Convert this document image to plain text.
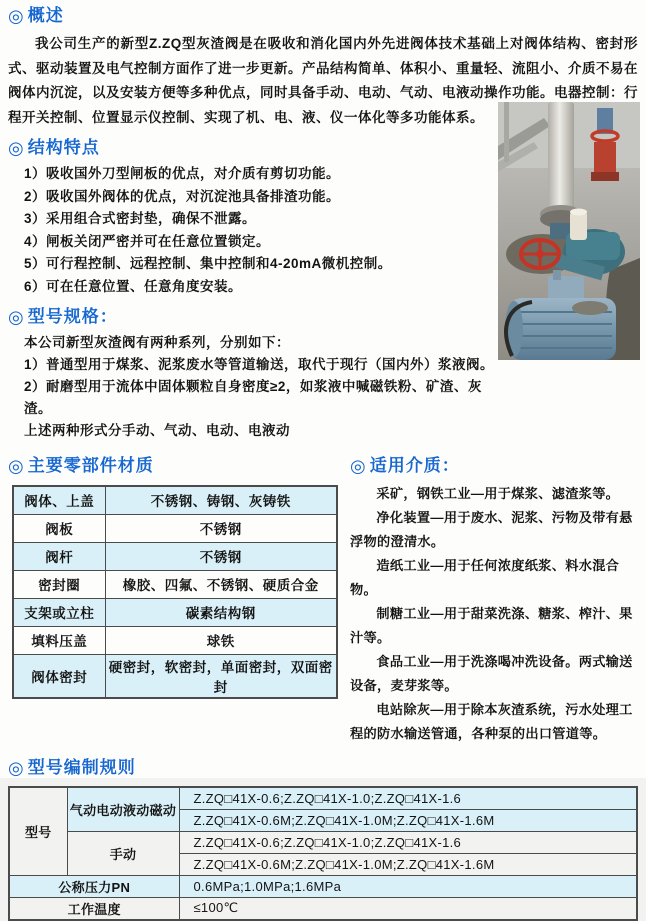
◎ 概述

我公司生产的新型Z.ZQ型灰渣阀是在吸收和消化国内外先进阀体技术基础上对阀体结构、密封形式、驱动装置及电气控制方面作了进一步更新。产品结构简单、体积小、重量轻、流阻小、介质不易在阀体内沉淀，以及安装方便等多种优点，同时具备手动、电动、气动、电液动操作功能。电器控制：行程开关控制、位置显示仪控制、实现了机、电、液、仪一体化等多功能体系。

◎ 结构特点
1）吸收国外刀型闸板的优点，对介质有剪切功能。
2）吸收国外阀体的优点，对沉淀池具备排渣功能。
3）采用组合式密封垫，确保不泄露。
4）闸板关闭严密并可在任意位置锁定。
5）可行程控制、远程控制、集中控制和4-20mA微机控制。
6）可在任意位置、任意角度安装。
◎ 型号规格：

本公司新型灰渣阀有两种系列，分别如下：

1）普通型用于煤浆、泥浆废水等管道输送，取代于现行（国内外）浆液阀。

2）耐磨型用于流体中固体颗粒自身密度≥2，如浆液中喊磁铁粉、矿渣、灰渣。

上述两种形式分手动、气动、电动、电液动

◎ 主要零部件材质
阀体、上盖	不锈钢、铸钢、灰铸铁
阀板	不锈钢
阀杆	不锈钢
密封圈	橡胶、四氟、不锈钢、硬质合金
支架或立柱	碳素结构钢
填料压盖	球铁
阀体密封	硬密封，软密封，单面密封，双面密封
◎ 适用介质：

采矿，钢铁工业—用于煤浆、滤渣浆等。

净化装置—用于废水、泥浆、污物及带有悬浮物的澄清水。

造纸工业—用于任何浓度纸浆、料水混合物。

制糖工业—用于甜菜洗涤、糖浆、榨汁、果汁等。

食品工业—用于洗涤喝冲洗设备。两式输送设备，麦芽浆等。

电站除灰—用于除本灰渣系统，污水处理工程的防水输送管通，各种泵的出口管道等。

◎ 型号编制规则
型号	气动电动液动磁动	Z.ZQ□41X-0.6;Z.ZQ□41X-1.0;Z.ZQ□41X-1.6
		Z.ZQ□41X-0.6M;Z.ZQ□41X-1.0M;Z.ZQ□41X-1.6M
	手动	Z.ZQ□41X-0.6;Z.ZQ□41X-1.0;Z.ZQ□41X-1.6
		Z.ZQ□41X-0.6M;Z.ZQ□41X-1.0M;Z.ZQ□41X-1.6M
公称压力PN		0.6MPa;1.0MPa;1.6MPa
工作温度		≤100℃
